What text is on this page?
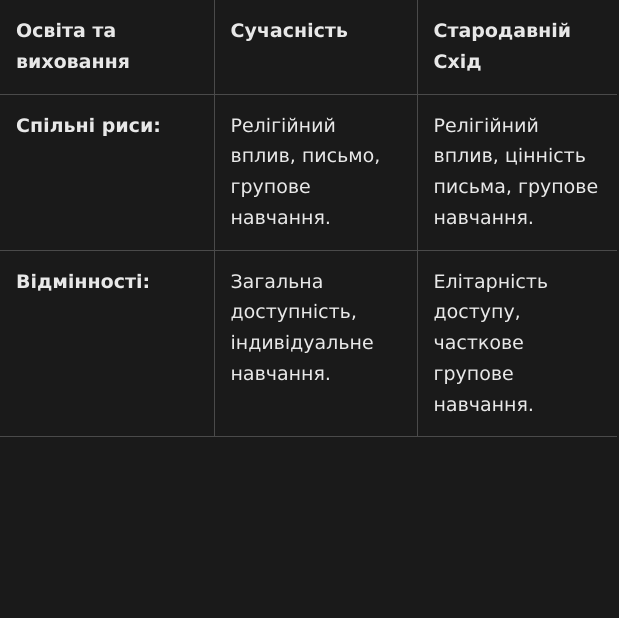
Освіта та виховання	Сучасність	Стародавній Схід
Спільні риси:	Релігійний вплив, письмо, групове навчання.	Релігійний вплив, цінність письма, групове навчання.
Відмінності:	Загальна доступність, індивідуальне навчання.	Елітарність доступу, часткове групове навчання.
